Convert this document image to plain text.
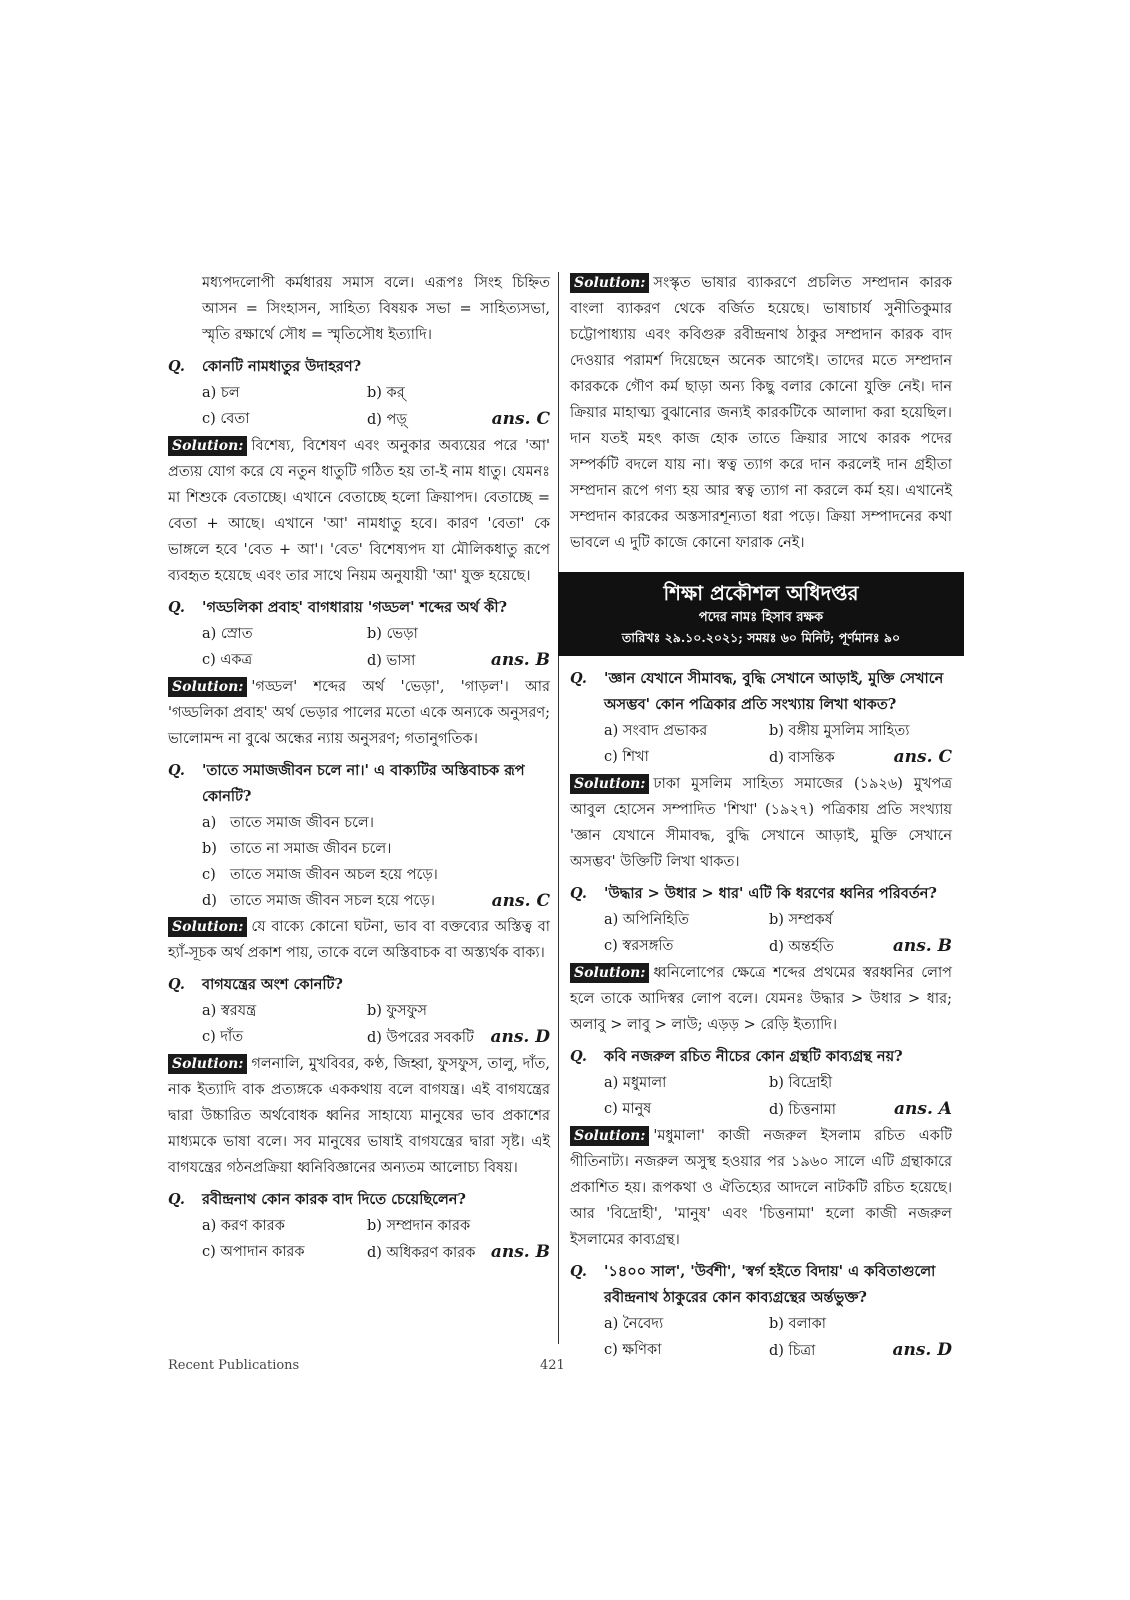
মধ্যপদলোপী কর্মধারয় সমাস বলে। এরূপঃ সিংহ চিহ্নিত আসন = সিংহাসন, সাহিত্য বিষয়ক সভা = সাহিত্যসভা, স্মৃতি রক্ষার্থে সৌধ = স্মৃতিসৌধ ইত্যাদি।
Q.	কোনটি নামধাতুর উদাহরণ?
a) চল	b) কর্
c) বেতা	d) পড়্	ans. C
Solution: বিশেষ্য, বিশেষণ এবং অনুকার অব্যয়ের পরে 'আ' প্রত্যয় যোগ করে যে নতুন ধাতুটি গঠিত হয় তা-ই নাম ধাতু। যেমনঃ মা শিশুকে বেতাচ্ছে। এখানে বেতাচ্ছে হলো ক্রিয়াপদ। বেতাচ্ছে = বেতা + আছে। এখানে 'আ' নামধাতু হবে। কারণ 'বেতা' কে ভাঙ্গলে হবে 'বেত + আ'। 'বেত' বিশেষ্যপদ যা মৌলিকধাতু রূপে ব্যবহৃত হয়েছে এবং তার সাথে নিয়ম অনুযায়ী 'আ' যুক্ত হয়েছে।
Q.	'গড্ডলিকা প্রবাহ' বাগধারায় 'গড্ডল' শব্দের অর্থ কী?
a) স্রোত	b) ভেড়া
c) একত্র	d) ভাসা	ans. B
Solution: 'গড্ডল' শব্দের অর্থ 'ভেড়া', 'গাড়ল'। আর 'গড্ডলিকা প্রবাহ' অর্থ ভেড়ার পালের মতো একে অন্যকে অনুসরণ; ভালোমন্দ না বুঝে অন্ধের ন্যায় অনুসরণ; গতানুগতিক।
Q.	'তাতে সমাজজীবন চলে না।' এ বাক্যটির অস্তিবাচক রূপ কোনটি?
a) তাতে সমাজ জীবন চলে।
b) তাতে না সমাজ জীবন চলে।
c) তাতে সমাজ জীবন অচল হয়ে পড়ে।
d) তাতে সমাজ জীবন সচল হয়ে পড়ে।	ans. C
Solution: যে বাক্যে কোনো ঘটনা, ভাব বা বক্তব্যের অস্তিত্ব বা হ্যাঁ-সূচক অর্থ প্রকাশ পায়, তাকে বলে অস্তিবাচক বা অস্ত্যর্থক বাক্য।
Q.	বাগযন্ত্রের অংশ কোনটি?
a) স্বরযন্ত্র	b) ফুসফুস
c) দাঁত	d) উপরের সবকটি ans. D
Solution: গলনালি, মুখবিবর, কণ্ঠ, জিহ্বা, ফুসফুস, তালু, দাঁত, নাক ইত্যাদি বাক প্রত্যঙ্গকে এককথায় বলে বাগযন্ত্র। এই বাগযন্ত্রের দ্বারা উচ্চারিত অর্থবোধক ধ্বনির সাহায্যে মানুষের ভাব প্রকাশের মাধ্যমকে ভাষা বলে। সব মানুষের ভাষাই বাগযন্ত্রের দ্বারা সৃষ্ট। এই বাগযন্ত্রের গঠনপ্রক্রিয়া ধ্বনিবিজ্ঞানের অন্যতম আলোচ্য বিষয়।
Q.	রবীন্দ্রনাথ কোন কারক বাদ দিতে চেয়েছিলেন?
a) করণ কারক	b) সম্প্রদান কারক
c) অপাদান কারক	d) অধিকরণ কারক ans. B
Solution: সংস্কৃত ভাষার ব্যাকরণে প্রচলিত সম্প্রদান কারক বাংলা ব্যাকরণ থেকে বর্জিত হয়েছে। ভাষাচার্য সুনীতিকুমার চট্টোপাধ্যায় এবং কবিগুরু রবীন্দ্রনাথ ঠাকুর সম্প্রদান কারক বাদ দেওয়ার পরামর্শ দিয়েছেন অনেক আগেই। তাদের মতে সম্প্রদান কারককে গৌণ কর্ম ছাড়া অন্য কিছু বলার কোনো যুক্তি নেই। দান ক্রিয়ার মাহাত্ম্য বুঝানোর জন্যই কারকটিকে আলাদা করা হয়েছিল। দান যতই মহৎ কাজ হোক তাতে ক্রিয়ার সাথে কারক পদের সম্পর্কটি বদলে যায় না। স্বত্ব ত্যাগ করে দান করলেই দান গ্রহীতা সম্প্রদান রূপে গণ্য হয় আর স্বত্ব ত্যাগ না করলে কর্ম হয়। এখানেই সম্প্রদান কারকের অস্তসারশূন্যতা ধরা পড়ে। ক্রিয়া সম্পাদনের কথা ভাবলে এ দুটি কাজে কোনো ফারাক নেই।
শিক্ষা প্রকৌশল অধিদপ্তর
পদের নামঃ হিসাব রক্ষক
তারিখঃ ২৯.১০.২০২১; সময়ঃ ৬০ মিনিট; পূর্ণমানঃ ৯০
Q.	'জ্ঞান যেখানে সীমাবদ্ধ, বুদ্ধি সেখানে আড়াই, মুক্তি সেখানে অসম্ভব' কোন পত্রিকার প্রতি সংখ্যায় লিখা থাকত?
a) সংবাদ প্রভাকর	b) বঙ্গীয় মুসলিম সাহিত্য
c) শিখা	d) বাসন্তিক	ans. C
Solution: ঢাকা মুসলিম সাহিত্য সমাজের (১৯২৬) মুখপত্র আবুল হোসেন সম্পাদিত 'শিখা' (১৯২৭) পত্রিকায় প্রতি সংখ্যায় 'জ্ঞান যেখানে সীমাবদ্ধ, বুদ্ধি সেখানে আড়াই, মুক্তি সেখানে অসম্ভব' উক্তিটি লিখা থাকত।
Q.	'উদ্ধার > উধার > ধার' এটি কি ধরণের ধ্বনির পরিবর্তন?
a) অপিনিহিতি	b) সম্প্রকর্ষ
c) স্বরসঙ্গতি	d) অন্তর্হতি	ans. B
Solution: ধ্বনিলোপের ক্ষেত্রে শব্দের প্রথমের স্বরধ্বনির লোপ হলে তাকে আদিস্বর লোপ বলে। যেমনঃ উদ্ধার > উধার > ধার; অলাবু > লাবু > লাউ; এড়ড় > রেড়ি ইত্যাদি।
Q.	কবি নজরুল রচিত নীচের কোন গ্রন্থটি কাব্যগ্রন্থ নয়?
a) মধুমালা	b) বিদ্রোহী
c) মানুষ	d) চিত্তনামা	ans. A
Solution: 'মধুমালা' কাজী নজরুল ইসলাম রচিত একটি গীতিনাট্য। নজরুল অসুস্থ হওয়ার পর ১৯৬০ সালে এটি গ্রন্থাকারে প্রকাশিত হয়। রূপকথা ও ঐতিহ্যের আদলে নাটকটি রচিত হয়েছে। আর 'বিদ্রোহী', 'মানুষ' এবং 'চিত্তনামা' হলো কাজী নজরুল ইসলামের কাব্যগ্রন্থ।
Q.	'১৪০০ সাল', 'উর্বশী', 'স্বর্গ হইতে বিদায়' এ কবিতাগুলো রবীন্দ্রনাথ ঠাকুরের কোন কাব্যগ্রন্থের অর্ন্তভুক্ত?
a) নৈবেদ্য	b) বলাকা
c) ক্ষণিকা	d) চিত্রা	ans. D
Recent Publications	421
